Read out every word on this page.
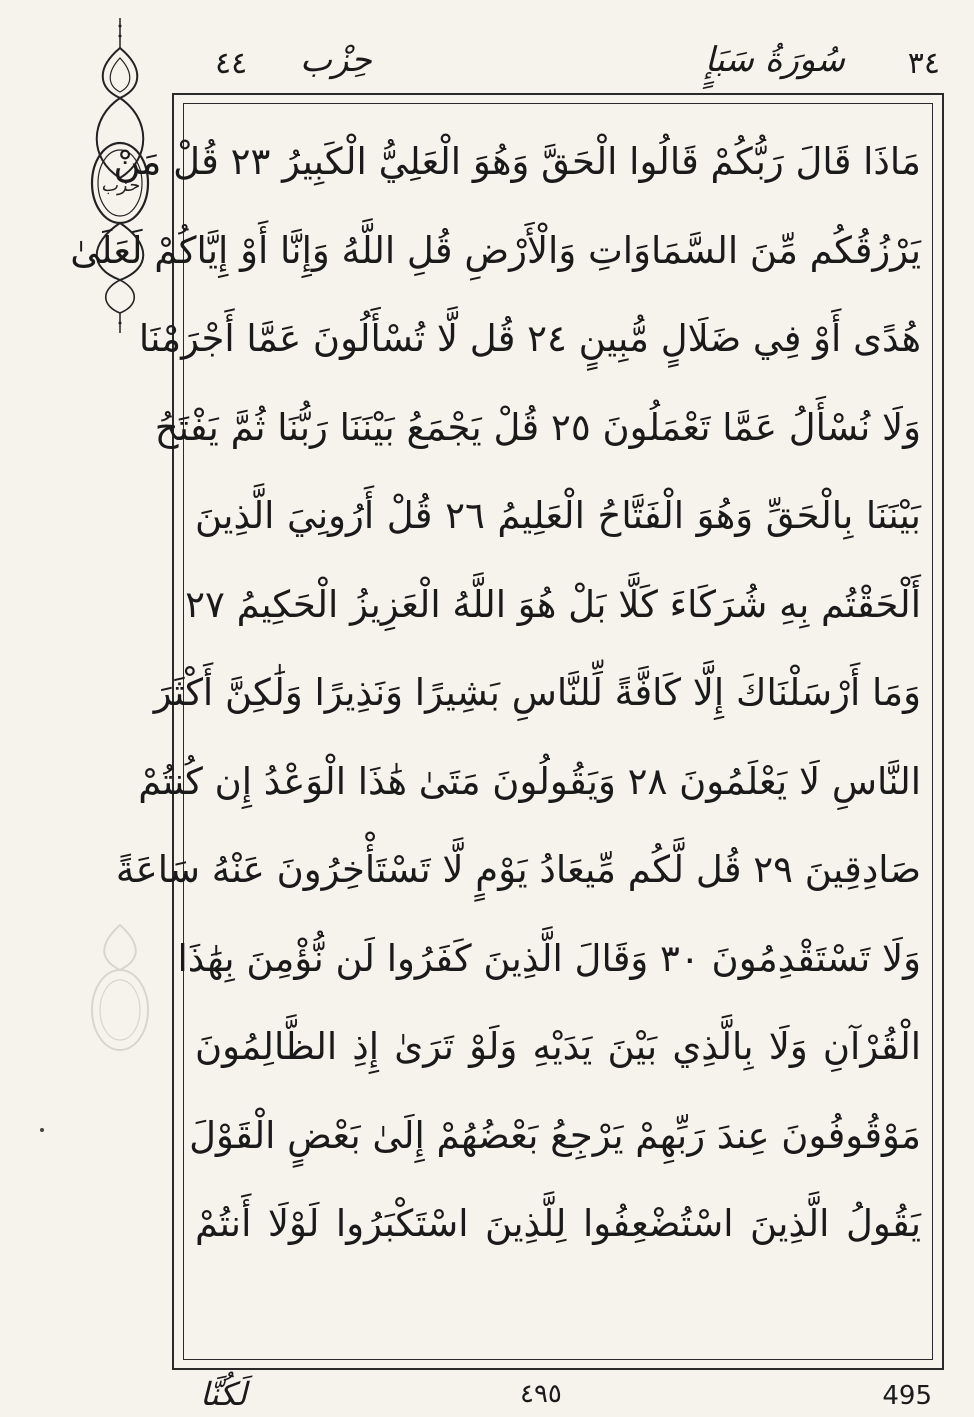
٣٤
سُورَةُ سَبَإٍ
حِزْب
٤٤
حزب
مَاذَا قَالَ رَبُّكُمْ قَالُوا الْحَقَّ وَهُوَ الْعَلِيُّ الْكَبِيرُ ٢٣ قُلْ مَنْ
يَرْزُقُكُم مِّنَ السَّمَاوَاتِ وَالْأَرْضِ قُلِ اللَّهُ وَإِنَّا أَوْ إِيَّاكُمْ لَعَلَىٰ
هُدًى أَوْ فِي ضَلَالٍ مُّبِينٍ ٢٤ قُل لَّا تُسْأَلُونَ عَمَّا أَجْرَمْنَا
وَلَا نُسْأَلُ عَمَّا تَعْمَلُونَ ٢٥ قُلْ يَجْمَعُ بَيْنَنَا رَبُّنَا ثُمَّ يَفْتَحُ
بَيْنَنَا بِالْحَقِّ وَهُوَ الْفَتَّاحُ الْعَلِيمُ ٢٦ قُلْ أَرُونِيَ الَّذِينَ
أَلْحَقْتُم بِهِ شُرَكَاءَ كَلَّا بَلْ هُوَ اللَّهُ الْعَزِيزُ الْحَكِيمُ ٢٧
وَمَا أَرْسَلْنَاكَ إِلَّا كَافَّةً لِّلنَّاسِ بَشِيرًا وَنَذِيرًا وَلَٰكِنَّ أَكْثَرَ
النَّاسِ لَا يَعْلَمُونَ ٢٨ وَيَقُولُونَ مَتَىٰ هَٰذَا الْوَعْدُ إِن كُنتُمْ
صَادِقِينَ ٢٩ قُل لَّكُم مِّيعَادُ يَوْمٍ لَّا تَسْتَأْخِرُونَ عَنْهُ سَاعَةً
وَلَا تَسْتَقْدِمُونَ ٣٠ وَقَالَ الَّذِينَ كَفَرُوا لَن نُّؤْمِنَ بِهَٰذَا
الْقُرْآنِ وَلَا بِالَّذِي بَيْنَ يَدَيْهِ وَلَوْ تَرَىٰ إِذِ الظَّالِمُونَ
مَوْقُوفُونَ عِندَ رَبِّهِمْ يَرْجِعُ بَعْضُهُمْ إِلَىٰ بَعْضٍ الْقَوْلَ
يَقُولُ الَّذِينَ اسْتُضْعِفُوا لِلَّذِينَ اسْتَكْبَرُوا لَوْلَا أَنتُمْ
لَكُنَّا	٤٩٥	495
